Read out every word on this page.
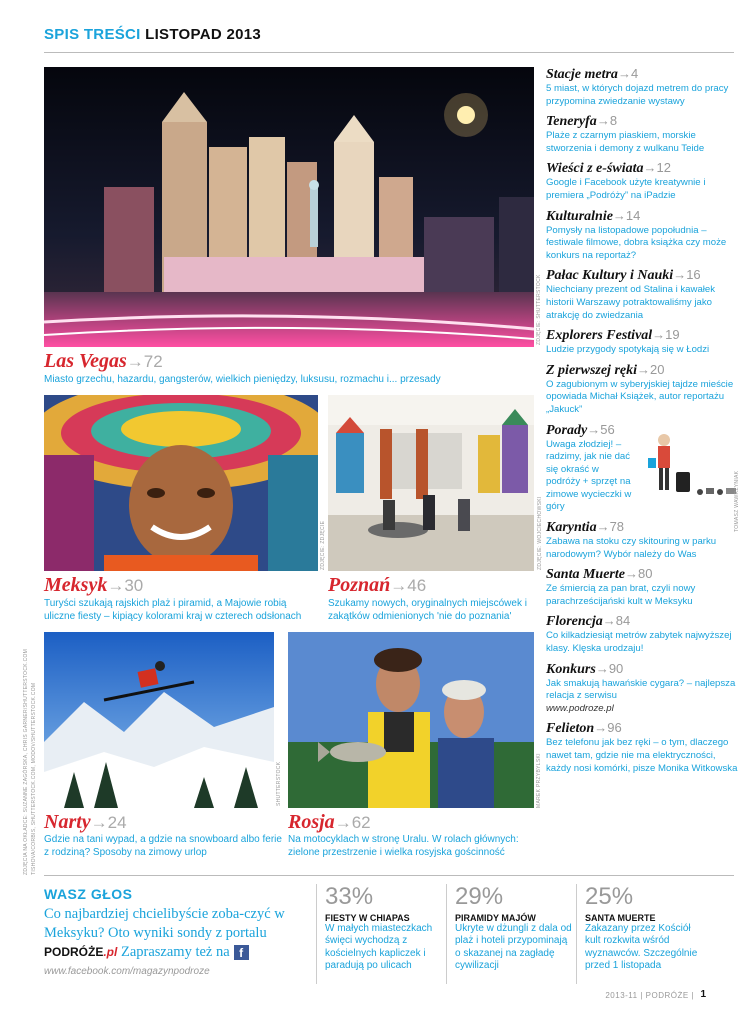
SPIS TREŚCI LISTOPAD 2013
ZDJĘCIE: SHUTTERSTOCK
Las Vegas→72
Miasto grzechu, hazardu, gangsterów, wielkich pieniędzy, luksusu, rozmachu i... przesady
ZDJĘCIE: ZDJĘCIE	ZDJĘCIE: WOJCIECHOWSKI
Meksyk→30
Turyści szukają rajskich plaż i piramid, a Majowie robią uliczne fiesty – kipiący kolorami kraj w czterech odsłonach
Poznań→46
Szukamy nowych, oryginalnych miejscówek i zakątków odmienionych 'nie do poznania'
ZDJĘCIA NA OKŁADCE: SUZANNE ZAGÓRSKA, CHRIS GARNER/SHUTTERSTOCK.COM TISHOVA/CORBIS, SHUTTERSTOCK.COM, MODOV/SHUTTERSTOCK.COM	SHUTTERSTOCK	MAREK PRZYBYLSKI
Narty→24
Gdzie na tani wypad, a gdzie na snowboard albo ferie z rodziną? Sposoby na zimowy urlop
Rosja→62
Na motocyklach w stronę Uralu. W rolach głównych: zielone przestrzenie i wielka rosyjska gościnność
Stacje metra→4
5 miast, w których dojazd metrem do pracy przypomina zwiedzanie wystawy
Teneryfa→8
Plaże z czarnym piaskiem, morskie stworzenia i demony z wulkanu Teide
Wieści z e-świata→12
Google i Facebook użyte kreatywnie i premiera „Podróży” na iPadzie
Kulturalnie→14
Pomysły na listopadowe popołudnia – festiwale filmowe, dobra książka czy może konkurs na reportaż?
Pałac Kultury i Nauki→16
Niechciany prezent od Stalina i kawałek historii Warszawy potraktowaliśmy jako atrakcję do zwiedzania
Explorers Festival→19
Ludzie przygody spotykają się w Łodzi
Z pierwszej ręki→20
O zagubionym w syberyjskiej tajdze mieście opowiada Michał Książek, autor reportażu „Jakuck”
Porady→56
Uwaga złodziej! – radzimy, jak nie dać się okraść w podróży + sprzęt na zimowe wycieczki w góry
Karyntia→78
Zabawa na stoku czy skitouring w parku narodowym? Wybór należy do Was
Santa Muerte→80
Ze śmiercią za pan brat, czyli nowy parachrześcijański kult w Meksyku
Florencja→84
Co kilkadziesiąt metrów zabytek najwyższej klasy. Klęska urodzaju!
Konkurs→90
Jak smakują hawańskie cygara? – najlepsza relacja z serwisu
www.podroze.pl
Felieton→96
Bez telefonu jak bez ręki – o tym, dlaczego nawet tam, gdzie nie ma elektryczności, każdy nosi komórki, pisze Monika Witkowska
TOMASZ WAWRZYNIAK
WASZ GŁOS
Co najbardziej chcielibyście zoba-czyć w Meksyku? Oto wyniki sondy z portalu PODRÓŻE.pl Zapraszamy też na f
www.facebook.com/magazynpodroze
33%
FIESTY W CHIAPAS
W małych miasteczkach święci wychodzą z kościelnych kapliczek i paradują po ulicach
29%
PIRAMIDY MAJÓW
Ukryte w dżungli z dala od plaż i hoteli przypominają o skazanej na zagładę cywilizacji
25%
SANTA MUERTE
Zakazany przez Kościół kult rozkwita wśród wyznawców. Szczególnie przed 1 listopada
2013-11 | PODRÓŻE | 1
